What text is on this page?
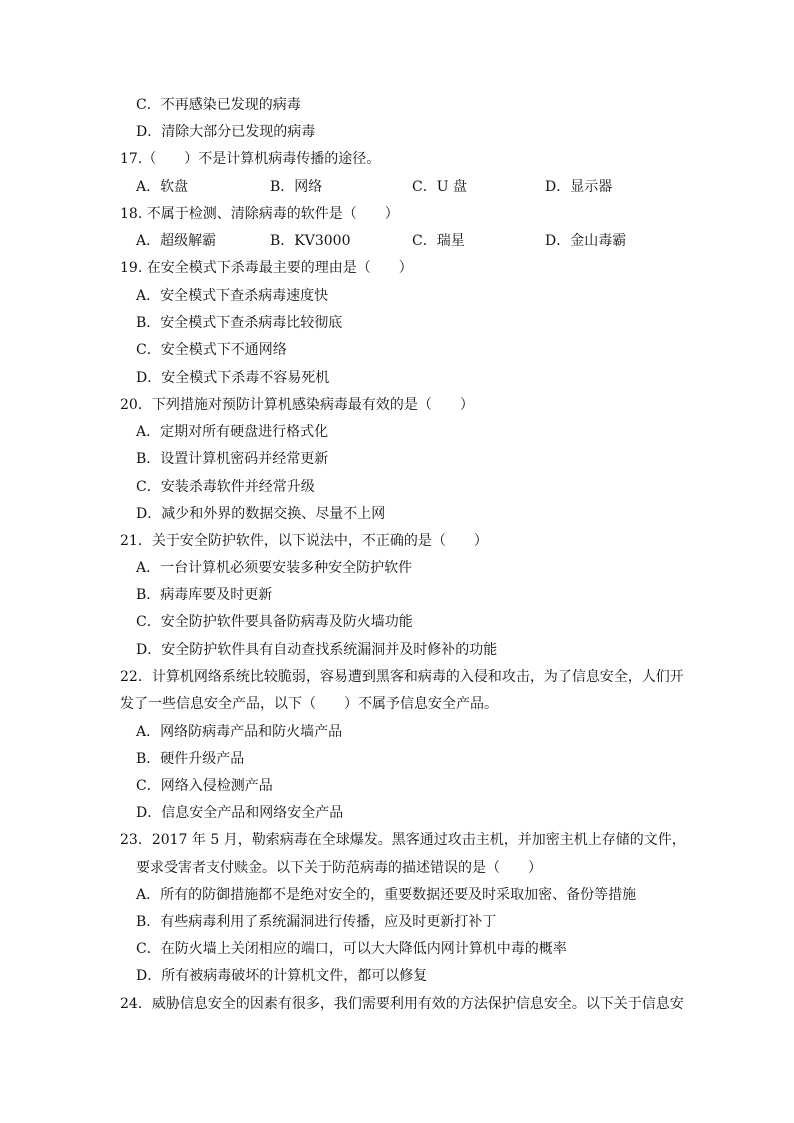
C．不再感染已发现的病毒
D．清除大部分已发现的病毒
17.（　　）不是计算机病毒传播的途径。
A．软盘	B．网络	C．U 盘	D．显示器
18. 不属于检测、清除病毒的软件是（　　）
A．超级解霸	B．KV3000	C．瑞星	D．金山毒霸
19. 在安全模式下杀毒最主要的理由是（　　）
A．安全模式下查杀病毒速度快
B．安全模式下查杀病毒比较彻底
C．安全模式下不通网络
D．安全模式下杀毒不容易死机
20．下列措施对预防计算机感染病毒最有效的是（　　）
A．定期对所有硬盘进行格式化
B．设置计算机密码并经常更新
C．安装杀毒软件并经常升级
D．减少和外界的数据交换、尽量不上网
21．关于安全防护软件，以下说法中，不正确的是（　　）
A．一台计算机必须要安装多种安全防护软件
B．病毒库要及时更新
C．安全防护软件要具备防病毒及防火墙功能
D．安全防护软件具有自动查找系统漏洞并及时修补的功能
22．计算机网络系统比较脆弱，容易遭到黑客和病毒的入侵和攻击，为了信息安全，人们开
发了一些信息安全产品，以下（　　）不属予信息安全产品。
A．网络防病毒产品和防火墙产品
B．硬件升级产品
C．网络入侵检测产品
D．信息安全产品和网络安全产品
23．2017 年 5 月，勒索病毒在全球爆发。黑客通过攻击主机，并加密主机上存储的文件，
要求受害者支付赎金。以下关于防范病毒的描述错误的是（　　）
A．所有的防御措施都不是绝对安全的，重要数据还要及时采取加密、备份等措施
B．有些病毒利用了系统漏洞进行传播，应及时更新打补丁
C．在防火墙上关闭相应的端口，可以大大降低内网计算机中毒的概率
D．所有被病毒破坏的计算机文件，都可以修复
24．威胁信息安全的因素有很多，我们需要利用有效的方法保护信息安全。以下关于信息安
